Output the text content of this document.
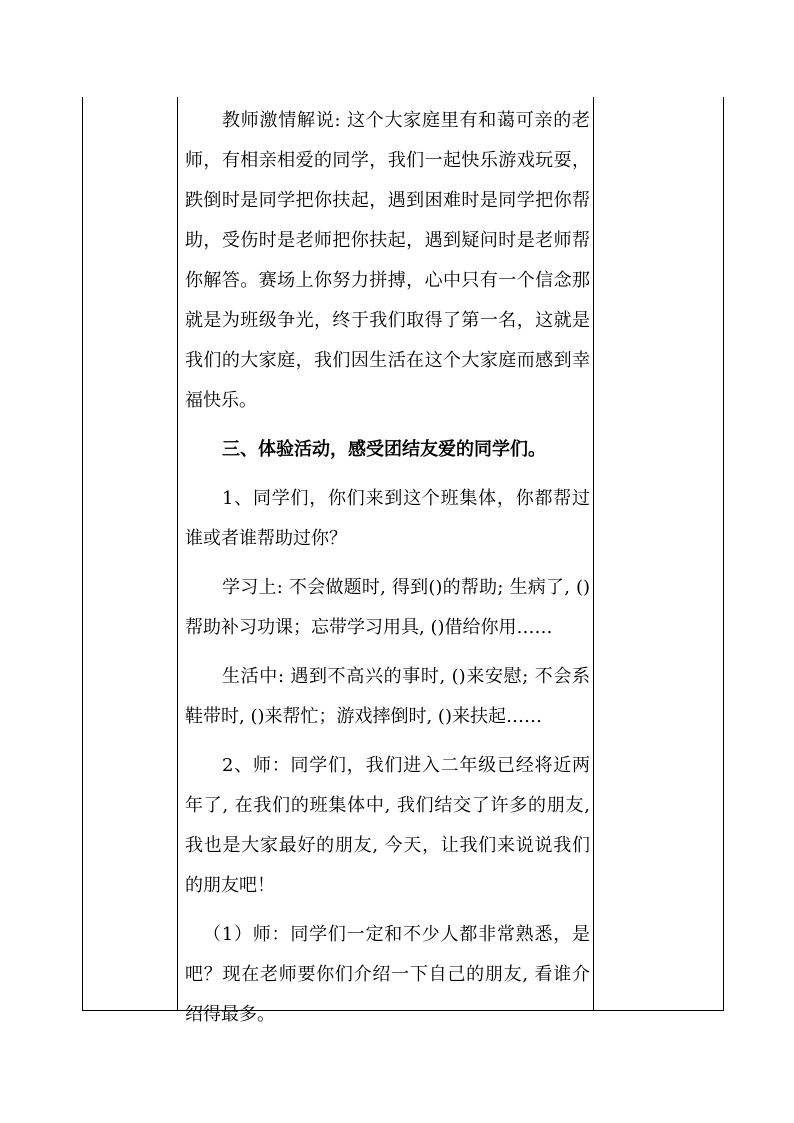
教师激情解说: 这个大家庭里有和蔼可亲的老师，有相亲相爱的同学，我们一起快乐游戏玩耍，跌倒时是同学把你扶起，遇到困难时是同学把你帮助，受伤时是老师把你扶起，遇到疑问时是老师帮你解答。赛场上你努力拼搏，心中只有一个信念那就是为班级争光，终于我们取得了第一名，这就是我们的大家庭，我们因生活在这个大家庭而感到幸福快乐。

三、体验活动，感受团结友爱的同学们。

1、同学们，你们来到这个班集体，你都帮过谁或者谁帮助过你？

学习上: 不会做题时, 得到()的帮助; 生病了, ()帮助补习功课；忘带学习用具, ()借给你用……

生活中: 遇到不高兴的事时, ()来安慰; 不会系鞋带时, ()来帮忙；游戏摔倒时, ()来扶起……

2、师：同学们，我们进入二年级已经将近两年了, 在我们的班集体中, 我们结交了许多的朋友, 我也是大家最好的朋友, 今天，让我们来说说我们的朋友吧！

（1）师：同学们一定和不少人都非常熟悉，是吧？现在老师要你们介绍一下自己的朋友, 看谁介绍得最多。
